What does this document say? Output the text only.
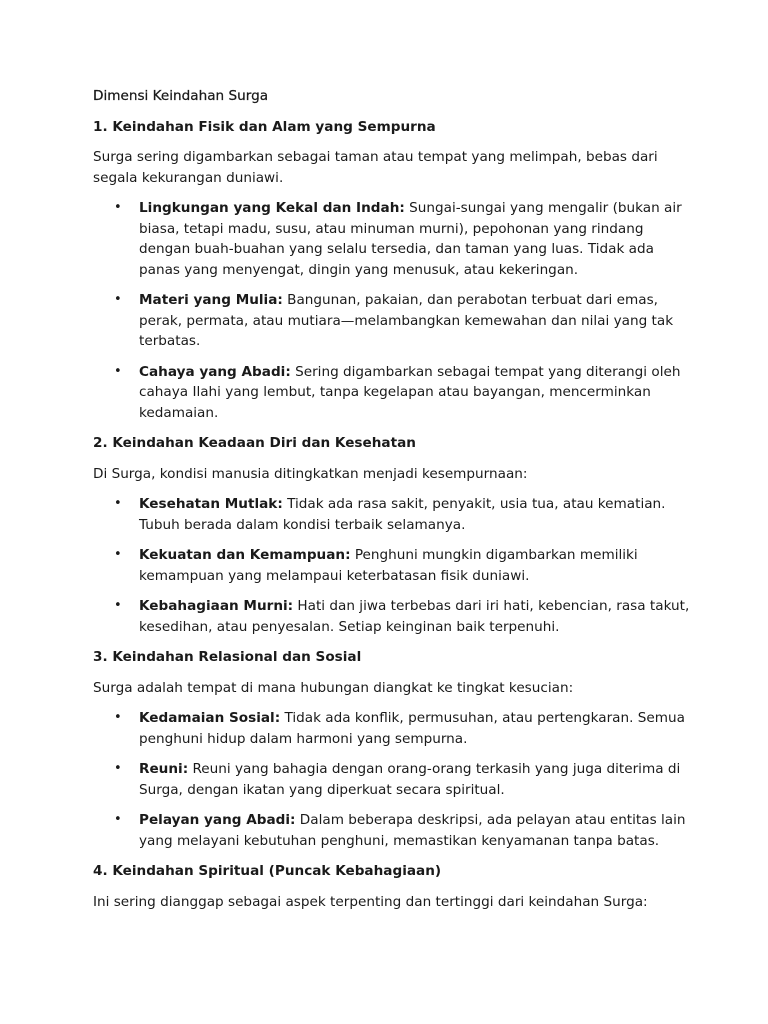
Dimensi Keindahan Surga
1. Keindahan Fisik dan Alam yang Sempurna
Surga sering digambarkan sebagai taman atau tempat yang melimpah, bebas dari segala kekurangan duniawi.
• Lingkungan yang Kekal dan Indah: Sungai-sungai yang mengalir (bukan air biasa, tetapi madu, susu, atau minuman murni), pepohonan yang rindang dengan buah-buahan yang selalu tersedia, dan taman yang luas. Tidak ada panas yang menyengat, dingin yang menusuk, atau kekeringan.
• Materi yang Mulia: Bangunan, pakaian, dan perabotan terbuat dari emas, perak, permata, atau mutiara—melambangkan kemewahan dan nilai yang tak terbatas.
• Cahaya yang Abadi: Sering digambarkan sebagai tempat yang diterangi oleh cahaya Ilahi yang lembut, tanpa kegelapan atau bayangan, mencerminkan kedamaian.
2. Keindahan Keadaan Diri dan Kesehatan
Di Surga, kondisi manusia ditingkatkan menjadi kesempurnaan:
• Kesehatan Mutlak: Tidak ada rasa sakit, penyakit, usia tua, atau kematian. Tubuh berada dalam kondisi terbaik selamanya.
• Kekuatan dan Kemampuan: Penghuni mungkin digambarkan memiliki kemampuan yang melampaui keterbatasan fisik duniawi.
• Kebahagiaan Murni: Hati dan jiwa terbebas dari iri hati, kebencian, rasa takut, kesedihan, atau penyesalan. Setiap keinginan baik terpenuhi.
3. Keindahan Relasional dan Sosial
Surga adalah tempat di mana hubungan diangkat ke tingkat kesucian:
• Kedamaian Sosial: Tidak ada konflik, permusuhan, atau pertengkaran. Semua penghuni hidup dalam harmoni yang sempurna.
• Reuni: Reuni yang bahagia dengan orang-orang terkasih yang juga diterima di Surga, dengan ikatan yang diperkuat secara spiritual.
• Pelayan yang Abadi: Dalam beberapa deskripsi, ada pelayan atau entitas lain yang melayani kebutuhan penghuni, memastikan kenyamanan tanpa batas.
4. Keindahan Spiritual (Puncak Kebahagiaan)
Ini sering dianggap sebagai aspek terpenting dan tertinggi dari keindahan Surga:
